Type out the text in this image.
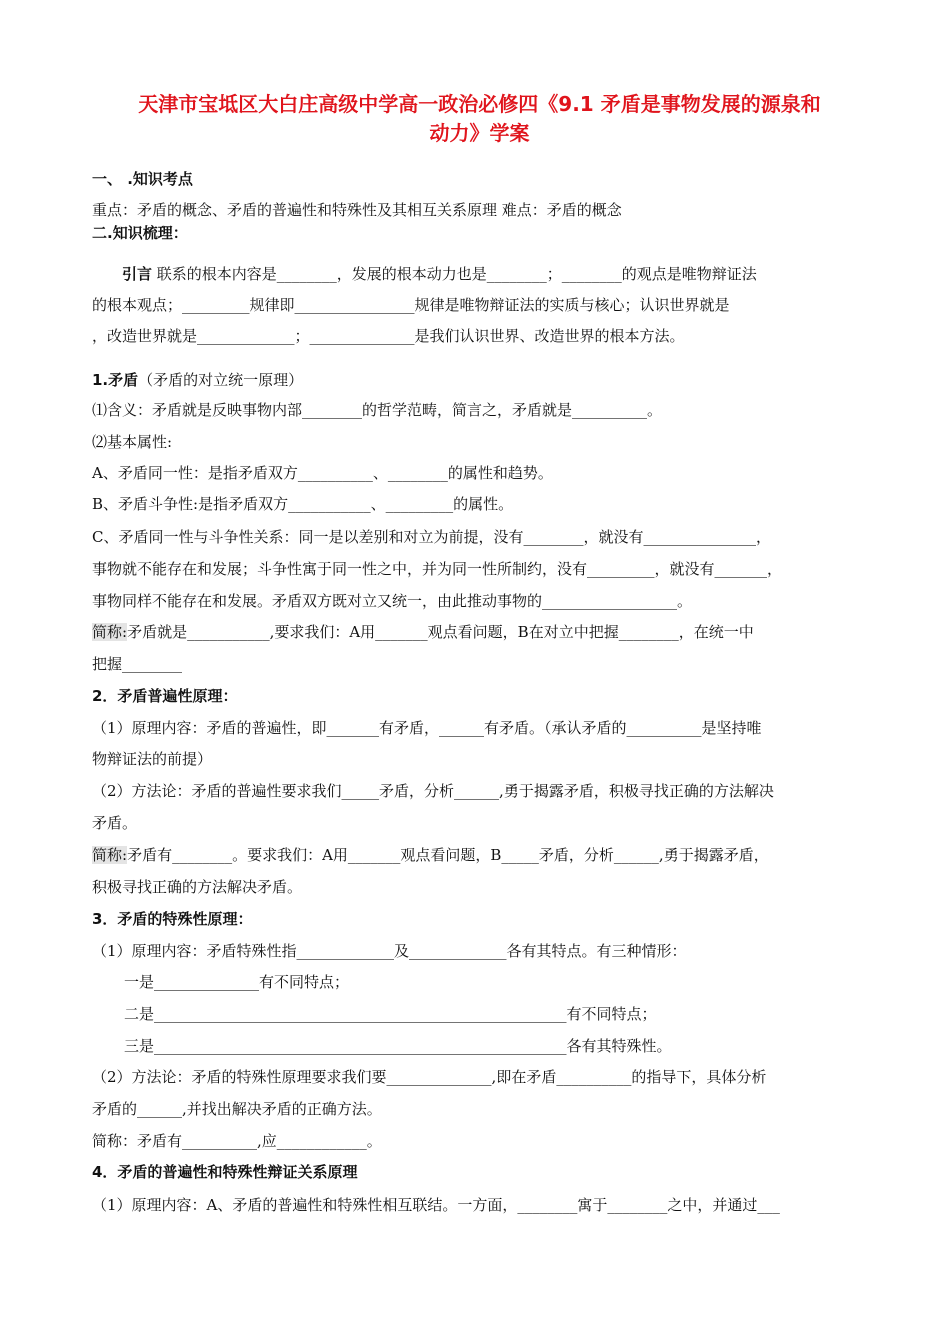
天津市宝坻区大白庄高级中学高一政治必修四《9.1 矛盾是事物发展的源泉和
动力》学案
一、 .知识考点
重点：矛盾的概念、矛盾的普遍性和特殊性及其相互关系原理 难点：矛盾的概念
二.知识梳理：
引言 联系的根本内容是________，发展的根本动力也是________；________的观点是唯物辩证法
的根本观点；_________规律即________________规律是唯物辩证法的实质与核心；认识世界就是
，改造世界就是_____________；______________是我们认识世界、改造世界的根本方法。
1.矛盾（矛盾的对立统一原理）
⑴含义：矛盾就是反映事物内部________的哲学范畴，简言之，矛盾就是__________。
⑵基本属性:
A、矛盾同一性：是指矛盾双方__________、________的属性和趋势。
B、矛盾斗争性:是指矛盾双方___________、_________的属性。
C、矛盾同一性与斗争性关系：同一是以差别和对立为前提，没有________，就没有_______________，
事物就不能存在和发展；斗争性寓于同一性之中，并为同一性所制约，没有_________，就没有_______，
事物同样不能存在和发展。矛盾双方既对立又统一，由此推动事物的__________________。
简称:矛盾就是___________,要求我们：A用_______观点看问题，B在对立中把握________，在统一中
把握________
2．矛盾普遍性原理：
（1）原理内容：矛盾的普遍性，即_______有矛盾，______有矛盾。（承认矛盾的__________是坚持唯
物辩证法的前提）
（2）方法论：矛盾的普遍性要求我们_____矛盾，分析______,勇于揭露矛盾，积极寻找正确的方法解决
矛盾。
简称:矛盾有________。要求我们：A用_______观点看问题，B_____矛盾，分析______,勇于揭露矛盾，
积极寻找正确的方法解决矛盾。
3．矛盾的特殊性原理：
（1）原理内容：矛盾特殊性指_____________及_____________各有其特点。有三种情形：
一是______________有不同特点；
二是_______________________________________________________有不同特点；
三是_______________________________________________________各有其特殊性。
（2）方法论：矛盾的特殊性原理要求我们要______________,即在矛盾__________的指导下，具体分析
矛盾的______,并找出解决矛盾的正确方法。
简称：矛盾有__________,应____________。
4．矛盾的普遍性和特殊性辩证关系原理
（1）原理内容：A、矛盾的普遍性和特殊性相互联结。一方面，________寓于________之中，并通过___
